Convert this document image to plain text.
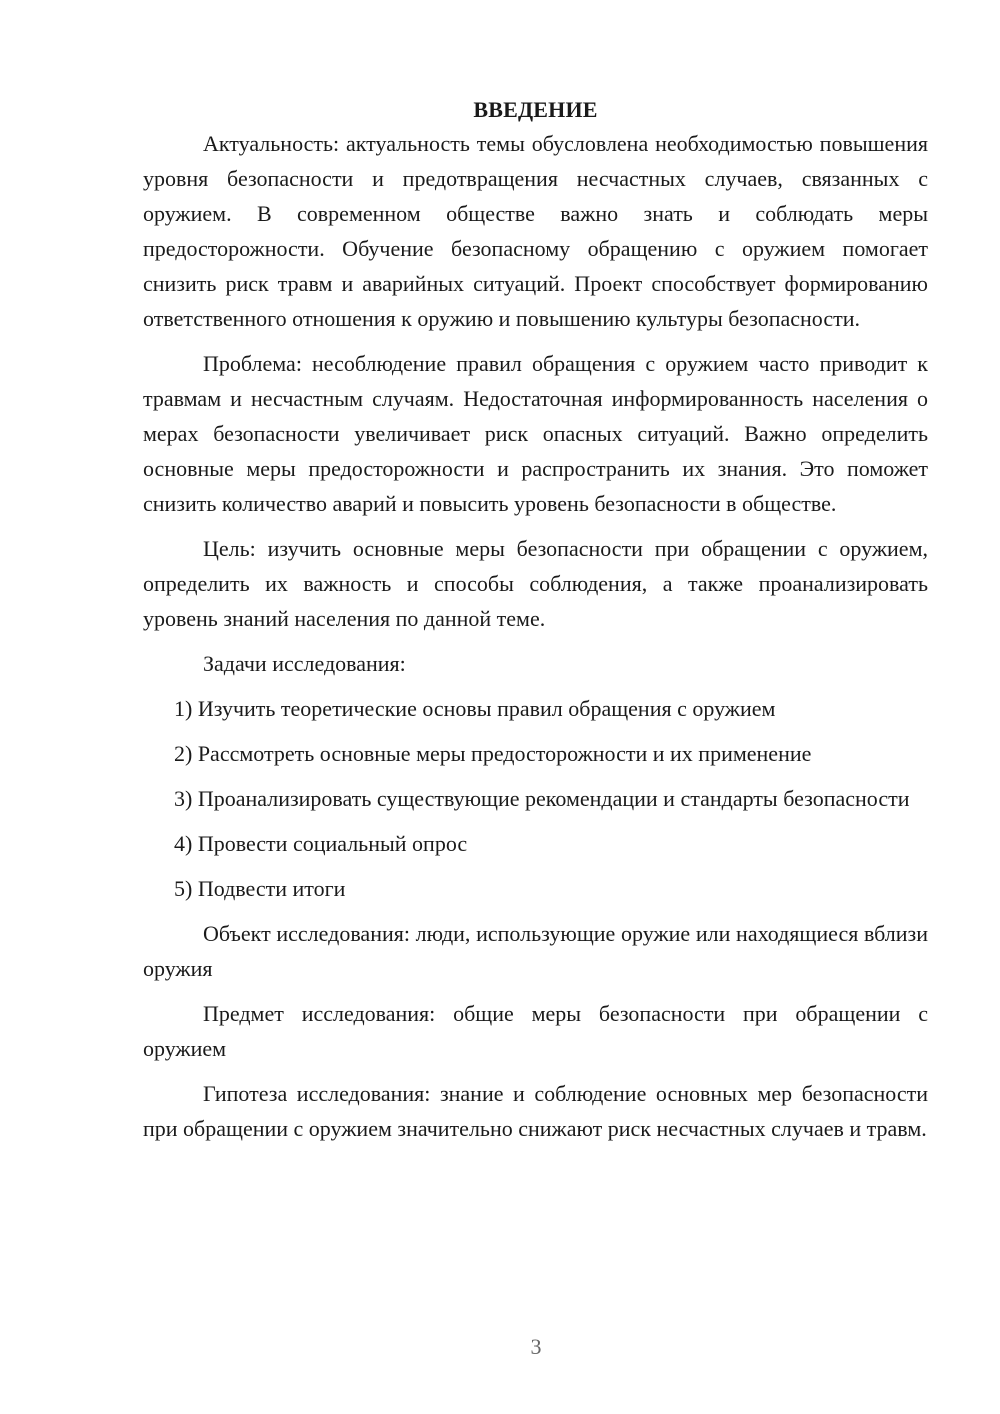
ВВЕДЕНИЕ

Актуальность: актуальность темы обусловлена необходимостью повышения уровня безопасности и предотвращения несчастных случаев, связанных с оружием. В современном обществе важно знать и соблюдать меры предосторожности. Обучение безопасному обращению с оружием помогает снизить риск травм и аварийных ситуаций. Проект способствует формированию ответственного отношения к оружию и повышению культуры безопасности.

Проблема: несоблюдение правил обращения с оружием часто приводит к травмам и несчастным случаям. Недостаточная информированность населения о мерах безопасности увеличивает риск опасных ситуаций. Важно определить основные меры предосторожности и распространить их знания. Это поможет снизить количество аварий и повысить уровень безопасности в обществе.

Цель: изучить основные меры безопасности при обращении с оружием, определить их важность и способы соблюдения, а также проанализировать уровень знаний населения по данной теме.

Задачи исследования:

1) Изучить теоретические основы правил обращения с оружием

2) Рассмотреть основные меры предосторожности и их применение

3) Проанализировать существующие рекомендации и стандарты безопасности

4) Провести социальный опрос

5) Подвести итоги

Объект исследования: люди, использующие оружие или находящиеся вблизи оружия

Предмет исследования: общие меры безопасности при обращении с оружием

Гипотеза исследования: знание и соблюдение основных мер безопасности при обращении с оружием значительно снижают риск несчастных случаев и травм.

3
